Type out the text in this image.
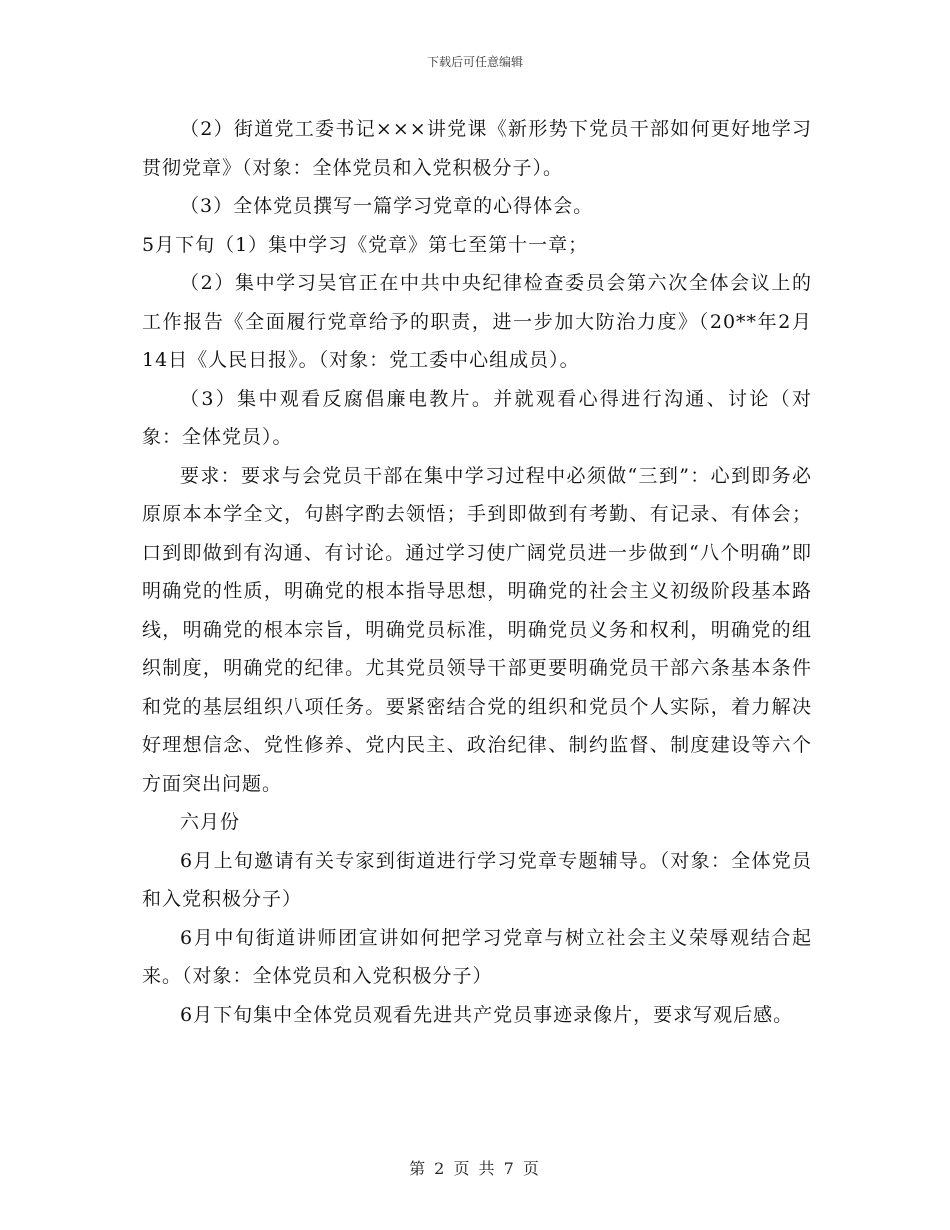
下载后可任意编辑

（2）街道党工委书记×××讲党课《新形势下党员干部如何更好地学习贯彻党章》（对象：全体党员和入党积极分子）。

（3）全体党员撰写一篇学习党章的心得体会。

5月下旬（1）集中学习《党章》第七至第十一章；

（2）集中学习吴官正在中共中央纪律检查委员会第六次全体会议上的工作报告《全面履行党章给予的职责，进一步加大防治力度》（20**年2月14日《人民日报》。（对象：党工委中心组成员）。

（3）集中观看反腐倡廉电教片。并就观看心得进行沟通、讨论（对象：全体党员）。

要求：要求与会党员干部在集中学习过程中必须做“三到”：心到即务必原原本本学全文，句斟字酌去领悟；手到即做到有考勤、有记录、有体会；口到即做到有沟通、有讨论。通过学习使广阔党员进一步做到“八个明确”即明确党的性质，明确党的根本指导思想，明确党的社会主义初级阶段基本路线，明确党的根本宗旨，明确党员标准，明确党员义务和权利，明确党的组织制度，明确党的纪律。尤其党员领导干部更要明确党员干部六条基本条件和党的基层组织八项任务。要紧密结合党的组织和党员个人实际，着力解决好理想信念、党性修养、党内民主、政治纪律、制约监督、制度建设等六个方面突出问题。

六月份

6月上旬邀请有关专家到街道进行学习党章专题辅导。（对象：全体党员和入党积极分子）

6月中旬街道讲师团宣讲如何把学习党章与树立社会主义荣辱观结合起来。（对象：全体党员和入党积极分子）

6月下旬集中全体党员观看先进共产党员事迹录像片，要求写观后感。

第 2 页 共 7 页
